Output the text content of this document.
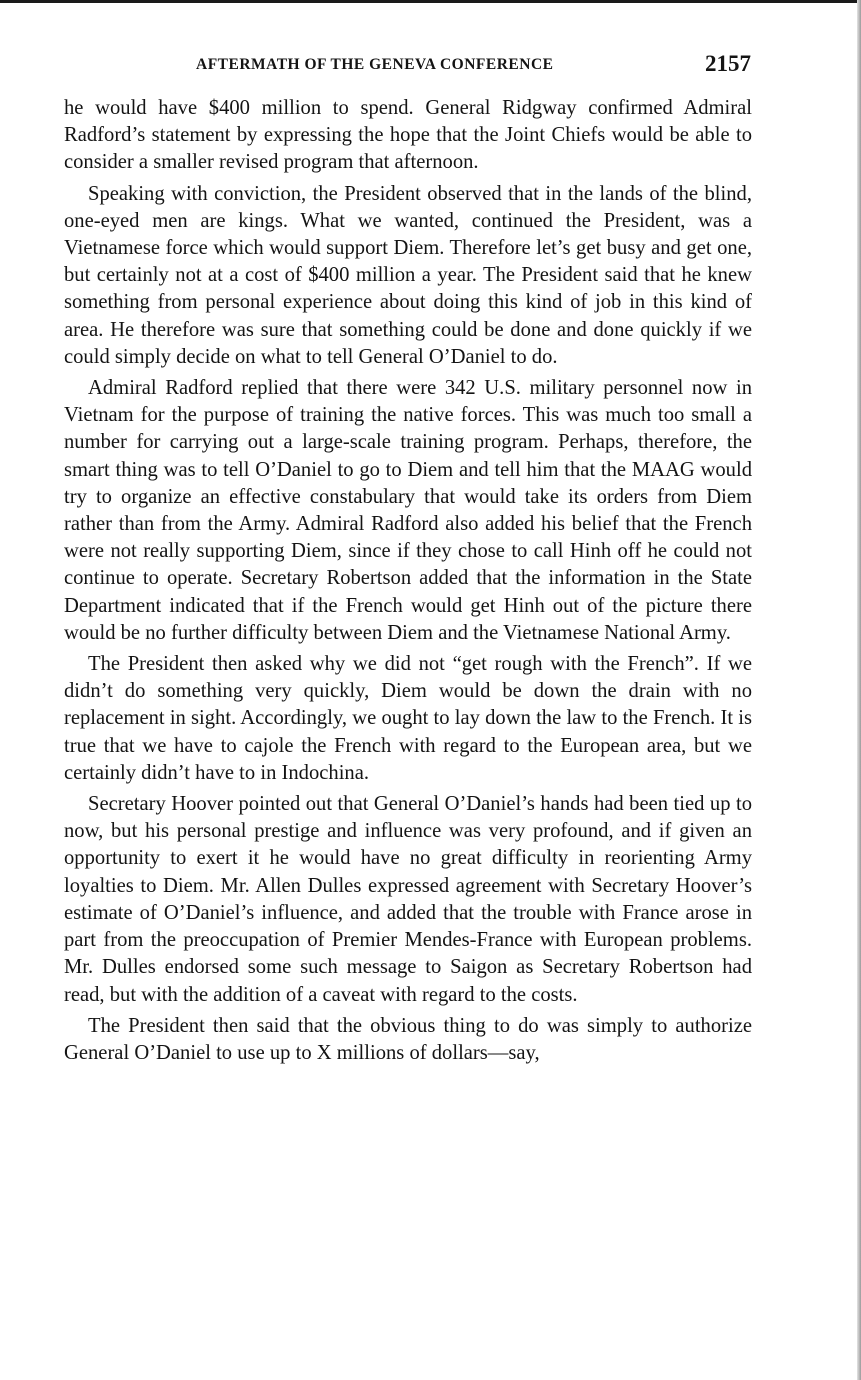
AFTERMATH OF THE GENEVA CONFERENCE	2157

he would have $400 million to spend. General Ridgway confirmed Admiral Radford’s statement by expressing the hope that the Joint Chiefs would be able to consider a smaller revised program that afternoon.

Speaking with conviction, the President observed that in the lands of the blind, one-eyed men are kings. What we wanted, continued the President, was a Vietnamese force which would support Diem. Therefore let’s get busy and get one, but certainly not at a cost of $400 million a year. The President said that he knew something from personal experience about doing this kind of job in this kind of area. He therefore was sure that something could be done and done quickly if we could simply decide on what to tell General O’Daniel to do.

Admiral Radford replied that there were 342 U.S. military personnel now in Vietnam for the purpose of training the native forces. This was much too small a number for carrying out a large-scale training program. Perhaps, therefore, the smart thing was to tell O’Daniel to go to Diem and tell him that the MAAG would try to organize an effective constabulary that would take its orders from Diem rather than from the Army. Admiral Radford also added his belief that the French were not really supporting Diem, since if they chose to call Hinh off he could not continue to operate. Secretary Robertson added that the information in the State Department indicated that if the French would get Hinh out of the picture there would be no further difficulty between Diem and the Vietnamese National Army.

The President then asked why we did not “get rough with the French”. If we didn’t do something very quickly, Diem would be down the drain with no replacement in sight. Accordingly, we ought to lay down the law to the French. It is true that we have to cajole the French with regard to the European area, but we certainly didn’t have to in Indochina.

Secretary Hoover pointed out that General O’Daniel’s hands had been tied up to now, but his personal prestige and influence was very profound, and if given an opportunity to exert it he would have no great difficulty in reorienting Army loyalties to Diem. Mr. Allen Dulles expressed agreement with Secretary Hoover’s estimate of O’Daniel’s influence, and added that the trouble with France arose in part from the preoccupation of Premier Mendes-France with European problems. Mr. Dulles endorsed some such message to Saigon as Secretary Robertson had read, but with the addition of a caveat with regard to the costs.

The President then said that the obvious thing to do was simply to authorize General O’Daniel to use up to X millions of dollars—say,
